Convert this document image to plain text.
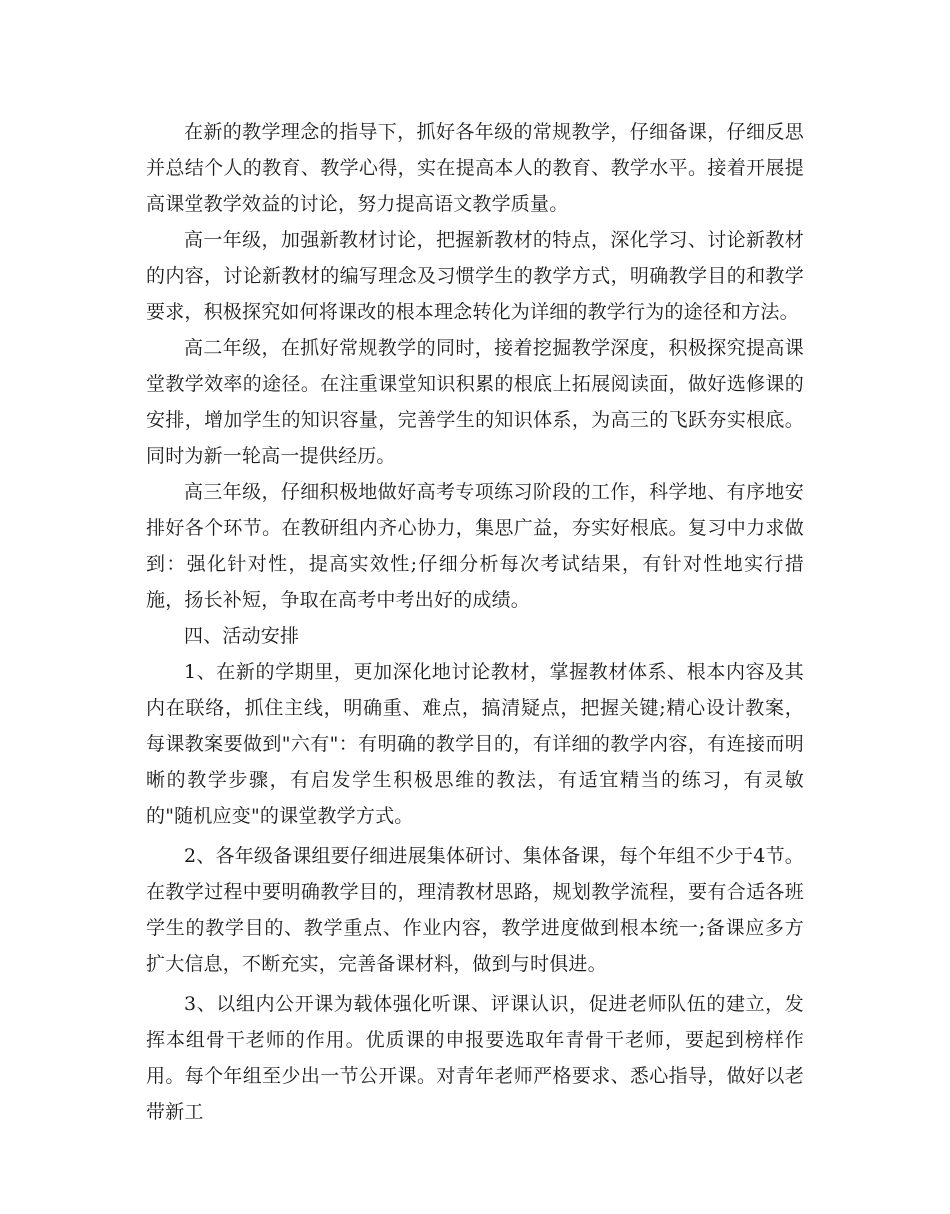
在新的教学理念的指导下，抓好各年级的常规教学，仔细备课，仔细反思并总结个人的教育、教学心得，实在提高本人的教育、教学水平。接着开展提高课堂教学效益的讨论，努力提高语文教学质量。

高一年级，加强新教材讨论，把握新教材的特点，深化学习、讨论新教材的内容，讨论新教材的编写理念及习惯学生的教学方式，明确教学目的和教学要求，积极探究如何将课改的根本理念转化为详细的教学行为的途径和方法。

高二年级，在抓好常规教学的同时，接着挖掘教学深度，积极探究提高课堂教学效率的途径。在注重课堂知识积累的根底上拓展阅读面，做好选修课的安排，增加学生的知识容量，完善学生的知识体系，为高三的飞跃夯实根底。同时为新一轮高一提供经历。

高三年级，仔细积极地做好高考专项练习阶段的工作，科学地、有序地安排好各个环节。在教研组内齐心协力，集思广益，夯实好根底。复习中力求做到：强化针对性，提高实效性;仔细分析每次考试结果，有针对性地实行措施，扬长补短，争取在高考中考出好的成绩。

四、活动安排

1、在新的学期里，更加深化地讨论教材，掌握教材体系、根本内容及其内在联络，抓住主线，明确重、难点，搞清疑点，把握关键;精心设计教案，每课教案要做到"六有"：有明确的教学目的，有详细的教学内容，有连接而明晰的教学步骤，有启发学生积极思维的教法，有适宜精当的练习，有灵敏的"随机应变"的课堂教学方式。

2、各年级备课组要仔细进展集体研讨、集体备课，每个年组不少于4节。在教学过程中要明确教学目的，理清教材思路，规划教学流程，要有合适各班学生的教学目的、教学重点、作业内容，教学进度做到根本统一;备课应多方扩大信息，不断充实，完善备课材料，做到与时俱进。

3、以组内公开课为载体强化听课、评课认识，促进老师队伍的建立，发挥本组骨干老师的作用。优质课的申报要选取年青骨干老师，要起到榜样作用。每个年组至少出一节公开课。对青年老师严格要求、悉心指导，做好以老带新工
